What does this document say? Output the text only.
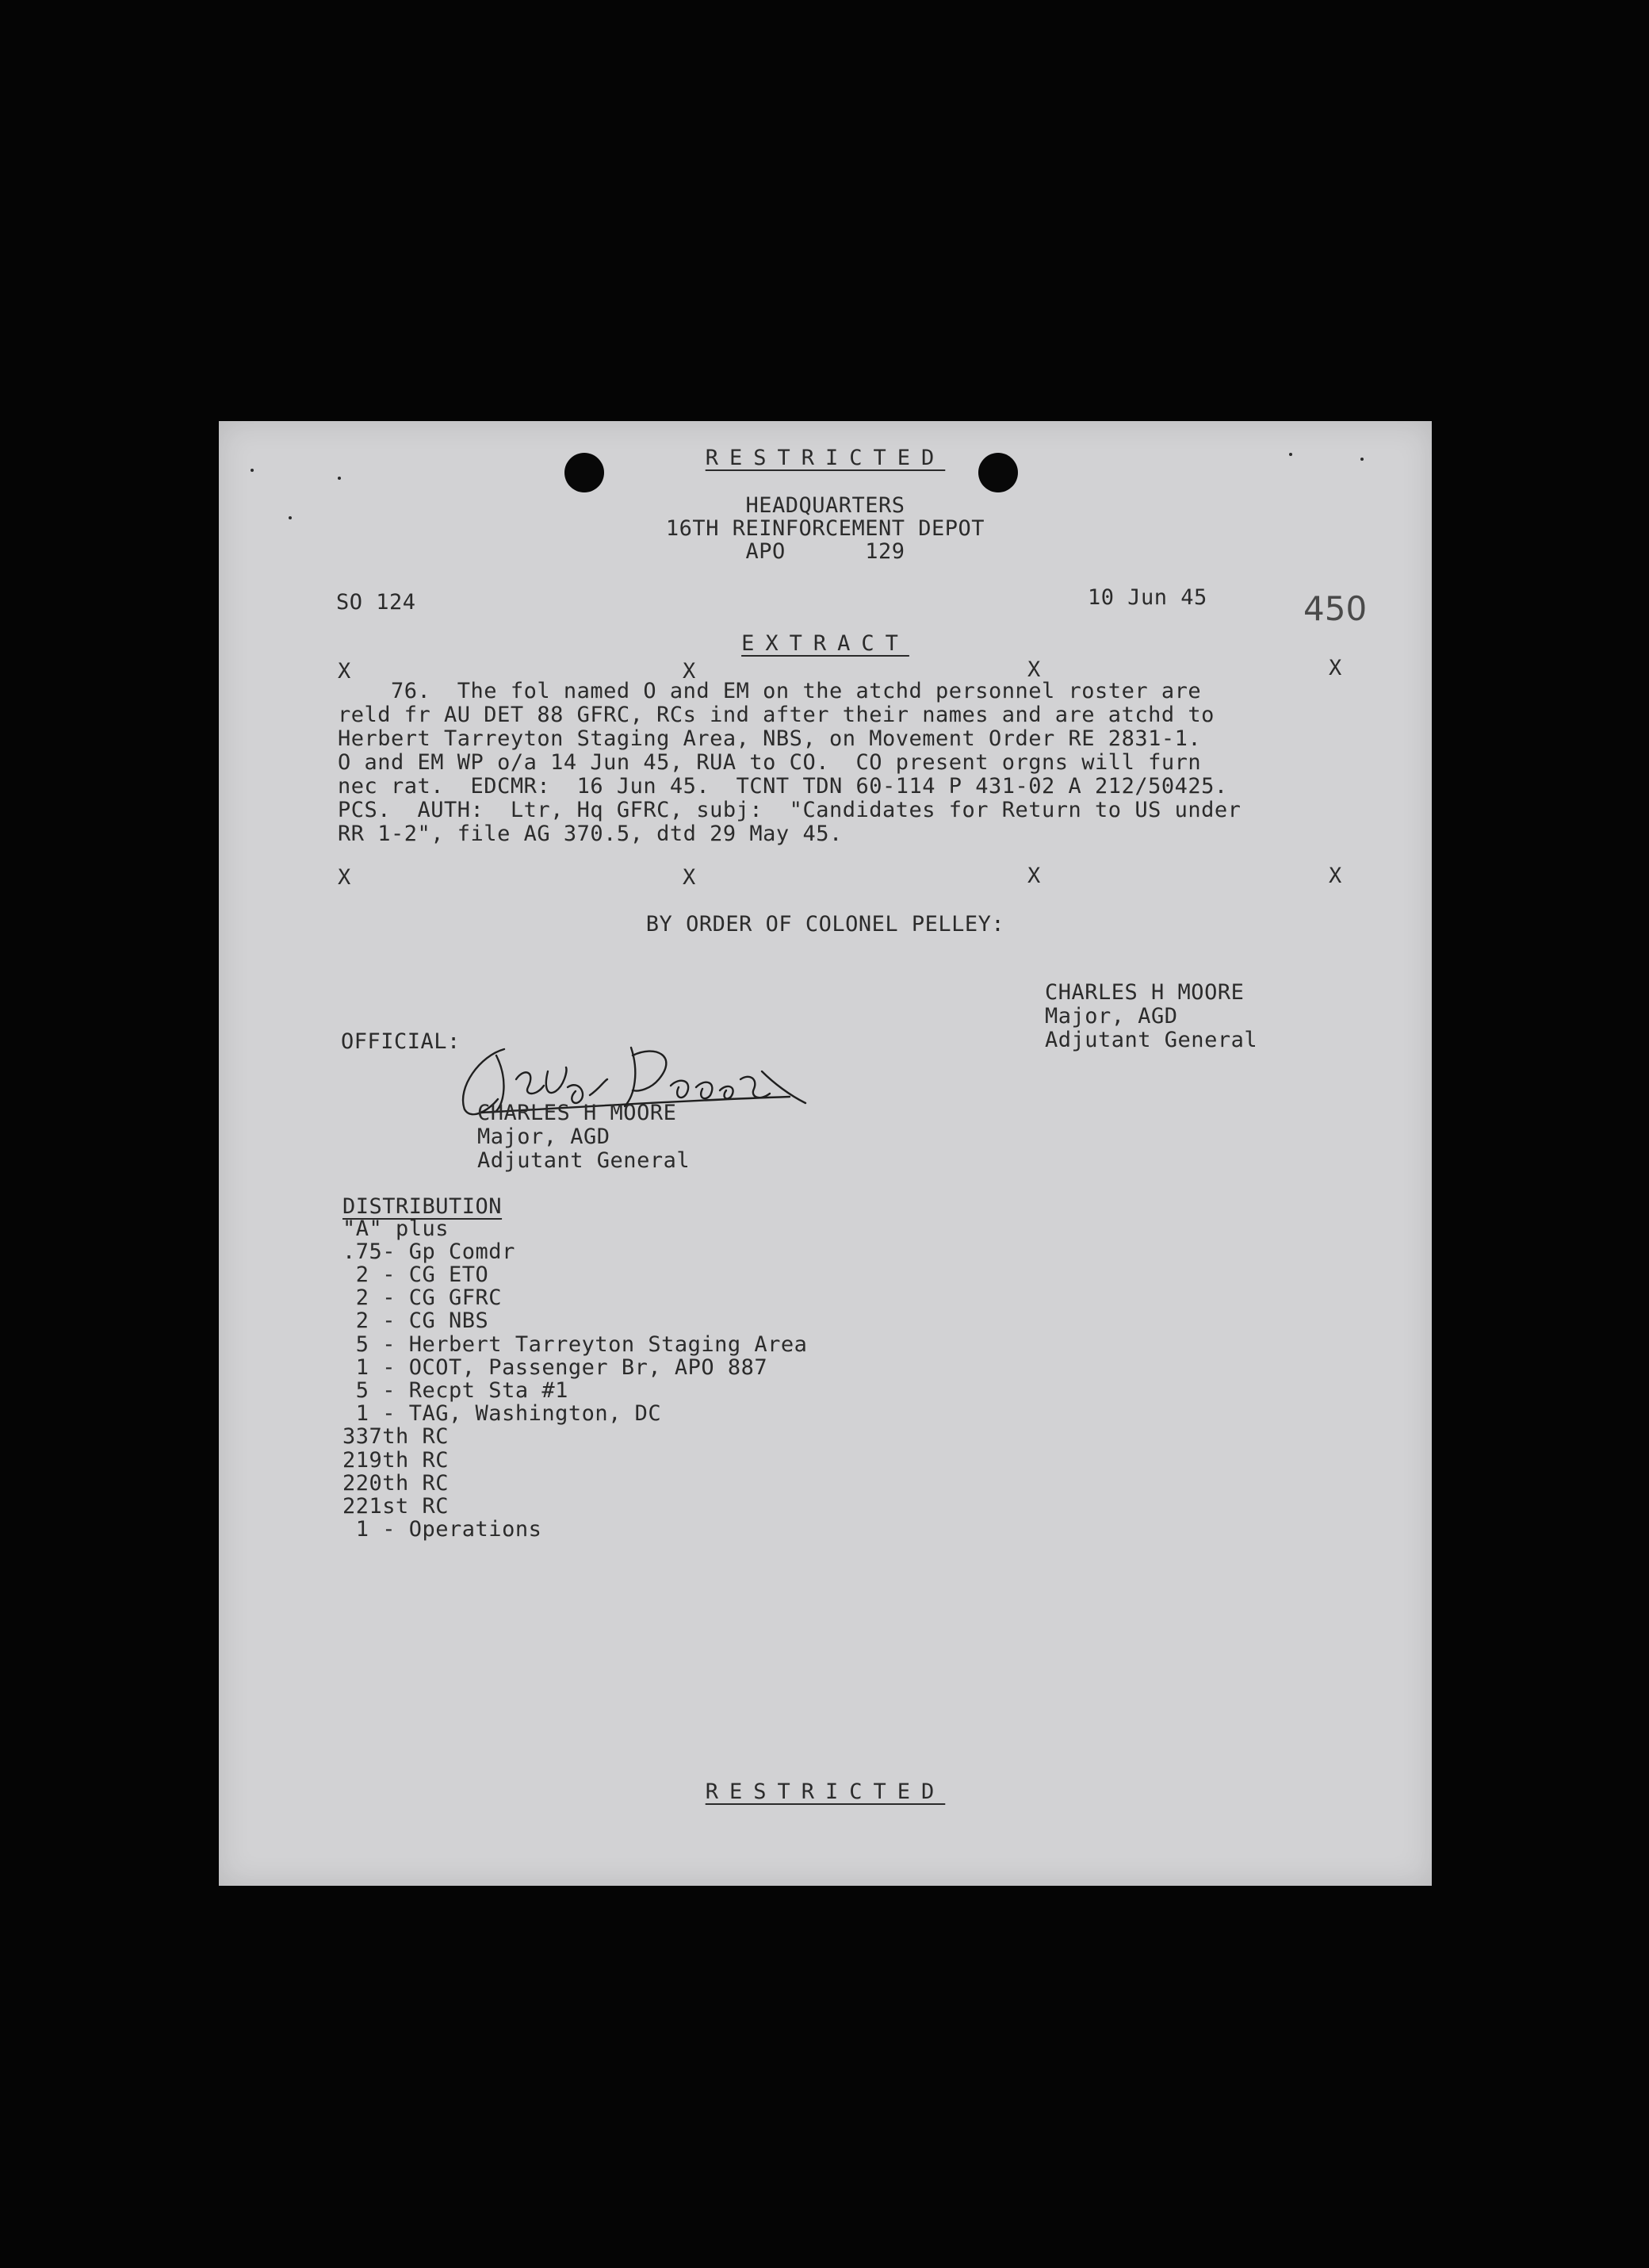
RESTRICTED
HEADQUARTERS
16TH REINFORCEMENT DEPOT
APO      129
SO 124	10 Jun 45	450
EXTRACT
X	X	X	X
76.  The fol named O and EM on the atchd personnel roster are
reld fr AU DET 88 GFRC, RCs ind after their names and are atchd to
Herbert Tarreyton Staging Area, NBS, on Movement Order RE 2831-1.
O and EM WP o/a 14 Jun 45, RUA to CO.  CO present orgns will furn
nec rat.  EDCMR:  16 Jun 45.  TCNT TDN 60-114 P 431-02 A 212/50425.
PCS.  AUTH:  Ltr, Hq GFRC, subj:  "Candidates for Return to US under
RR 1-2", file AG 370.5, dtd 29 May 45.
X	X	X	X
BY ORDER OF COLONEL PELLEY:
CHARLES H MOORE
Major, AGD
Adjutant General
OFFICIAL:
CHARLES H MOORE
Major, AGD
Adjutant General
DISTRIBUTION
"A" plus
.75- Gp Comdr
2 - CG ETO
2 - CG GFRC
2 - CG NBS
5 - Herbert Tarreyton Staging Area
1 - OCOT, Passenger Br, APO 887
5 - Recpt Sta #1
1 - TAG, Washington, DC
337th RC
219th RC
220th RC
221st RC
1 - Operations
RESTRICTED
